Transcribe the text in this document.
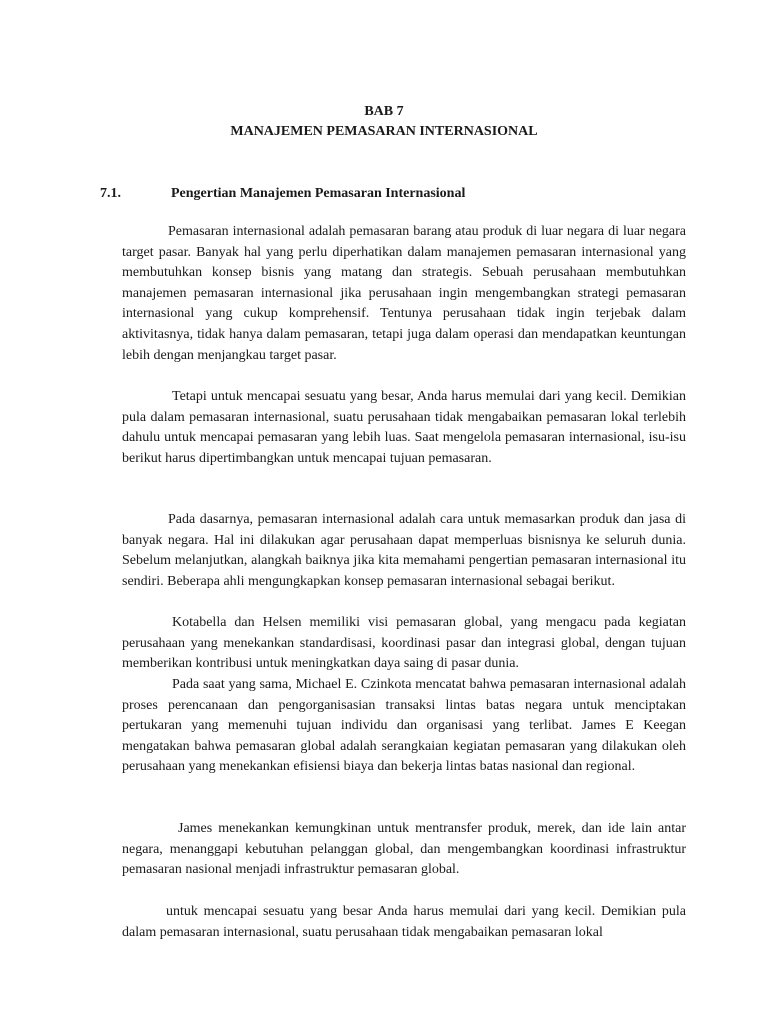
BAB 7
MANAJEMEN PEMASARAN INTERNASIONAL
7.1.	Pengertian Manajemen Pemasaran Internasional

Pemasaran internasional adalah pemasaran barang atau produk di luar negara di luar negara target pasar. Banyak hal yang perlu diperhatikan dalam manajemen pemasaran internasional yang membutuhkan konsep bisnis yang matang dan strategis. Sebuah perusahaan membutuhkan manajemen pemasaran internasional jika perusahaan ingin mengembangkan strategi pemasaran internasional yang cukup komprehensif. Tentunya perusahaan tidak ingin terjebak dalam aktivitasnya, tidak hanya dalam pemasaran, tetapi juga dalam operasi dan mendapatkan keuntungan lebih dengan menjangkau target pasar.

Tetapi untuk mencapai sesuatu yang besar, Anda harus memulai dari yang kecil. Demikian pula dalam pemasaran internasional, suatu perusahaan tidak mengabaikan pemasaran lokal terlebih dahulu untuk mencapai pemasaran yang lebih luas. Saat mengelola pemasaran internasional, isu-isu berikut harus dipertimbangkan untuk mencapai tujuan pemasaran.

Pada dasarnya, pemasaran internasional adalah cara untuk memasarkan produk dan jasa di banyak negara. Hal ini dilakukan agar perusahaan dapat memperluas bisnisnya ke seluruh dunia. Sebelum melanjutkan, alangkah baiknya jika kita memahami pengertian pemasaran internasional itu sendiri. Beberapa ahli mengungkapkan konsep pemasaran internasional sebagai berikut.

Kotabella dan Helsen memiliki visi pemasaran global, yang mengacu pada kegiatan perusahaan yang menekankan standardisasi, koordinasi pasar dan integrasi global, dengan tujuan memberikan kontribusi untuk meningkatkan daya saing di pasar dunia.

Pada saat yang sama, Michael E. Czinkota mencatat bahwa pemasaran internasional adalah proses perencanaan dan pengorganisasian transaksi lintas batas negara untuk menciptakan pertukaran yang memenuhi tujuan individu dan organisasi yang terlibat. James E Keegan mengatakan bahwa pemasaran global adalah serangkaian kegiatan pemasaran yang dilakukan oleh perusahaan yang menekankan efisiensi biaya dan bekerja lintas batas nasional dan regional.

James menekankan kemungkinan untuk mentransfer produk, merek, dan ide lain antar negara, menanggapi kebutuhan pelanggan global, dan mengembangkan koordinasi infrastruktur pemasaran nasional menjadi infrastruktur pemasaran global.

untuk mencapai sesuatu yang besar Anda harus memulai dari yang kecil. Demikian pula dalam pemasaran internasional, suatu perusahaan tidak mengabaikan pemasaran lokal
